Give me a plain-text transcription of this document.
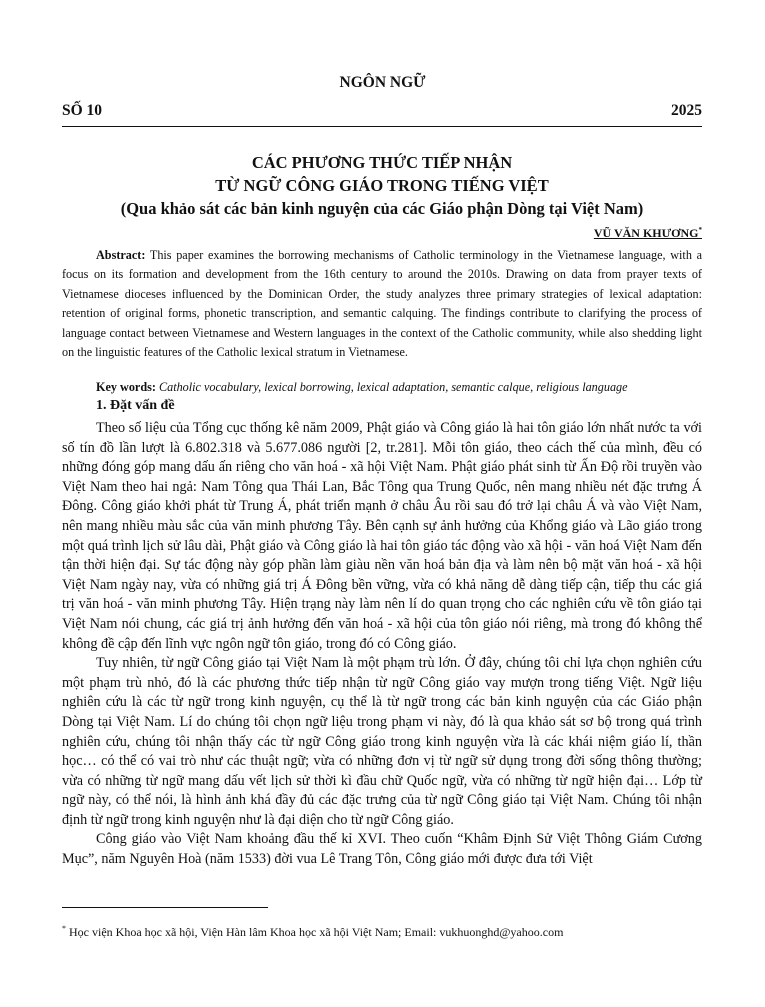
NGÔN NGỮ
SỐ 10	2025
CÁC PHƯƠNG THỨC TIẾP NHẬN
TỪ NGỮ CÔNG GIÁO TRONG TIẾNG VIỆT
(Qua khảo sát các bản kinh nguyện của các Giáo phận Dòng tại Việt Nam)
VŨ VĂN KHƯƠNG*
Abstract: This paper examines the borrowing mechanisms of Catholic terminology in the Vietnamese language, with a focus on its formation and development from the 16th century to around the 2010s. Drawing on data from prayer texts of Vietnamese dioceses influenced by the Dominican Order, the study analyzes three primary strategies of lexical adaptation: retention of original forms, phonetic transcription, and semantic calquing. The findings contribute to clarifying the process of language contact between Vietnamese and Western languages in the context of the Catholic community, while also shedding light on the linguistic features of the Catholic lexical stratum in Vietnamese.
Key words: Catholic vocabulary, lexical borrowing, lexical adaptation, semantic calque, religious language
1. Đặt vấn đề

Theo số liệu của Tổng cục thống kê năm 2009, Phật giáo và Công giáo là hai tôn giáo lớn nhất nước ta với số tín đồ lần lượt là 6.802.318 và 5.677.086 người [2, tr.281]. Mỗi tôn giáo, theo cách thế của mình, đều có những đóng góp mang dấu ấn riêng cho văn hoá - xã hội Việt Nam. Phật giáo phát sinh từ Ấn Độ rồi truyền vào Việt Nam theo hai ngả: Nam Tông qua Thái Lan, Bắc Tông qua Trung Quốc, nên mang nhiều nét đặc trưng Á Đông. Công giáo khởi phát từ Trung Á, phát triển mạnh ở châu Âu rồi sau đó trở lại châu Á và vào Việt Nam, nên mang nhiều màu sắc của văn minh phương Tây. Bên cạnh sự ảnh hưởng của Khổng giáo và Lão giáo trong một quá trình lịch sử lâu dài, Phật giáo và Công giáo là hai tôn giáo tác động vào xã hội - văn hoá Việt Nam đến tận thời hiện đại. Sự tác động này góp phần làm giàu nền văn hoá bản địa và làm nên bộ mặt văn hoá - xã hội Việt Nam ngày nay, vừa có những giá trị Á Đông bền vững, vừa có khả năng dễ dàng tiếp cận, tiếp thu các giá trị văn hoá - văn minh phương Tây. Hiện trạng này làm nên lí do quan trọng cho các nghiên cứu về tôn giáo tại Việt Nam nói chung, các giá trị ảnh hưởng đến văn hoá - xã hội của tôn giáo nói riêng, mà trong đó không thể không đề cập đến lĩnh vực ngôn ngữ tôn giáo, trong đó có Công giáo.

Tuy nhiên, từ ngữ Công giáo tại Việt Nam là một phạm trù lớn. Ở đây, chúng tôi chỉ lựa chọn nghiên cứu một phạm trù nhỏ, đó là các phương thức tiếp nhận từ ngữ Công giáo vay mượn trong tiếng Việt. Ngữ liệu nghiên cứu là các từ ngữ trong kinh nguyện, cụ thể là từ ngữ trong các bản kinh nguyện của các Giáo phận Dòng tại Việt Nam. Lí do chúng tôi chọn ngữ liệu trong phạm vi này, đó là qua khảo sát sơ bộ trong quá trình nghiên cứu, chúng tôi nhận thấy các từ ngữ Công giáo trong kinh nguyện vừa là các khái niệm giáo lí, thần học… có thể có vai trò như các thuật ngữ; vừa có những đơn vị từ ngữ sử dụng trong đời sống thông thường; vừa có những từ ngữ mang dấu vết lịch sử thời kì đầu chữ Quốc ngữ, vừa có những từ ngữ hiện đại… Lớp từ ngữ này, có thể nói, là hình ảnh khá đầy đủ các đặc trưng của từ ngữ Công giáo tại Việt Nam. Chúng tôi nhận định từ ngữ trong kinh nguyện như là đại diện cho từ ngữ Công giáo.

Công giáo vào Việt Nam khoảng đầu thế kỉ XVI. Theo cuốn “Khâm Định Sử Việt Thông Giám Cương Mục”, năm Nguyên Hoà (năm 1533) đời vua Lê Trang Tôn, Công giáo mới được đưa tới Việt

* Học viện Khoa học xã hội, Viện Hàn lâm Khoa học xã hội Việt Nam; Email: vukhuonghd@yahoo.com
